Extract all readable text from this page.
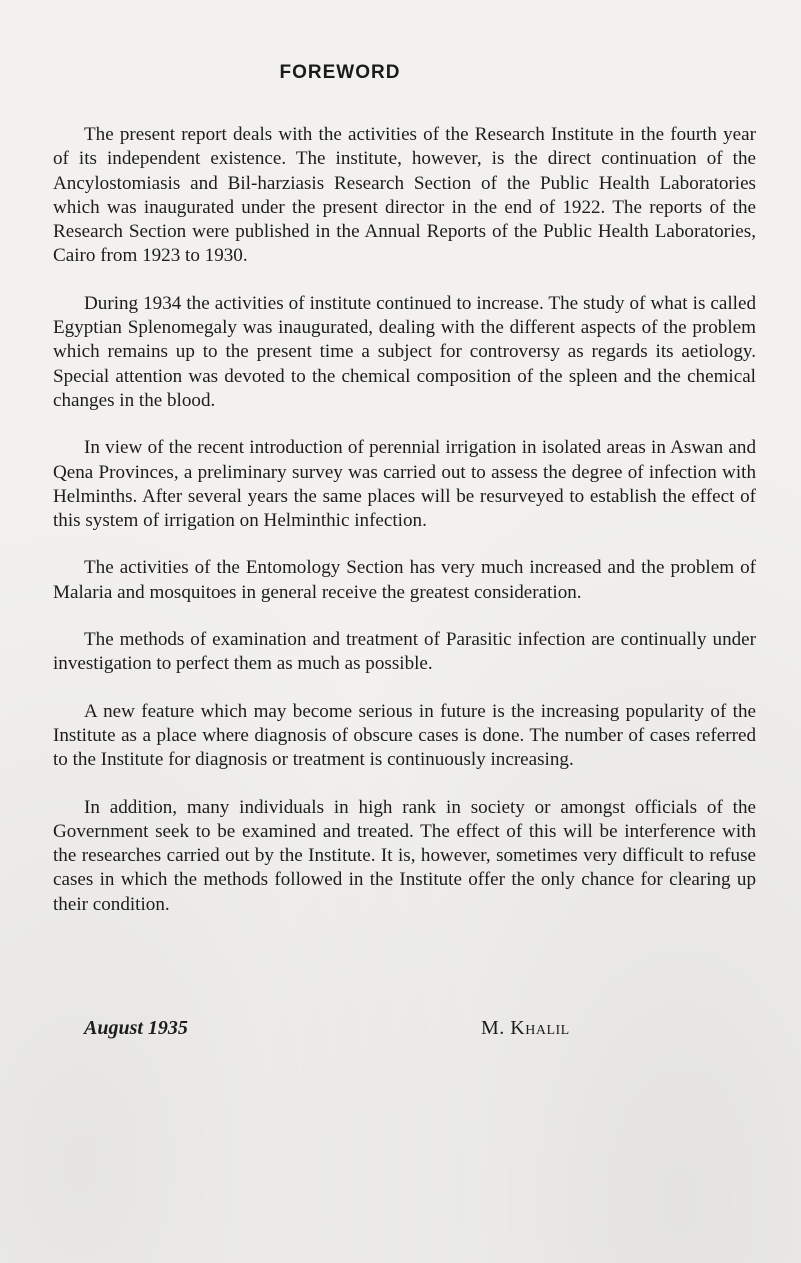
FOREWORD

The present report deals with the activities of the Research Institute in the fourth year of its independent existence. The institute, however, is the direct continuation of the Ancylostomiasis and Bil-harziasis Research Section of the Public Health Laboratories which was inaugurated under the present director in the end of 1922. The reports of the Research Section were published in the Annual Reports of the Public Health Laboratories, Cairo from 1923 to 1930.

During 1934 the activities of institute continued to increase. The study of what is called Egyptian Splenomegaly was inaugurated, dealing with the different aspects of the problem which remains up to the present time a subject for controversy as regards its aetiology. Special attention was devoted to the chemical composition of the spleen and the chemical changes in the blood.

In view of the recent introduction of perennial irrigation in isolated areas in Aswan and Qena Provinces, a preliminary survey was carried out to assess the degree of infection with Helminths. After several years the same places will be resurveyed to establish the effect of this system of irrigation on Helminthic infection.

The activities of the Entomology Section has very much increased and the problem of Malaria and mosquitoes in general receive the greatest consideration.

The methods of examination and treatment of Parasitic infection are continually under investigation to perfect them as much as possible.

A new feature which may become serious in future is the increasing popularity of the Institute as a place where diagnosis of obscure cases is done. The number of cases referred to the Institute for diagnosis or treatment is continuously increasing.

In addition, many individuals in high rank in society or amongst officials of the Government seek to be examined and treated. The effect of this will be interference with the researches carried out by the Institute. It is, however, sometimes very difficult to refuse cases in which the methods followed in the Institute offer the only chance for clearing up their condition.

August 1935	M. Khalil
